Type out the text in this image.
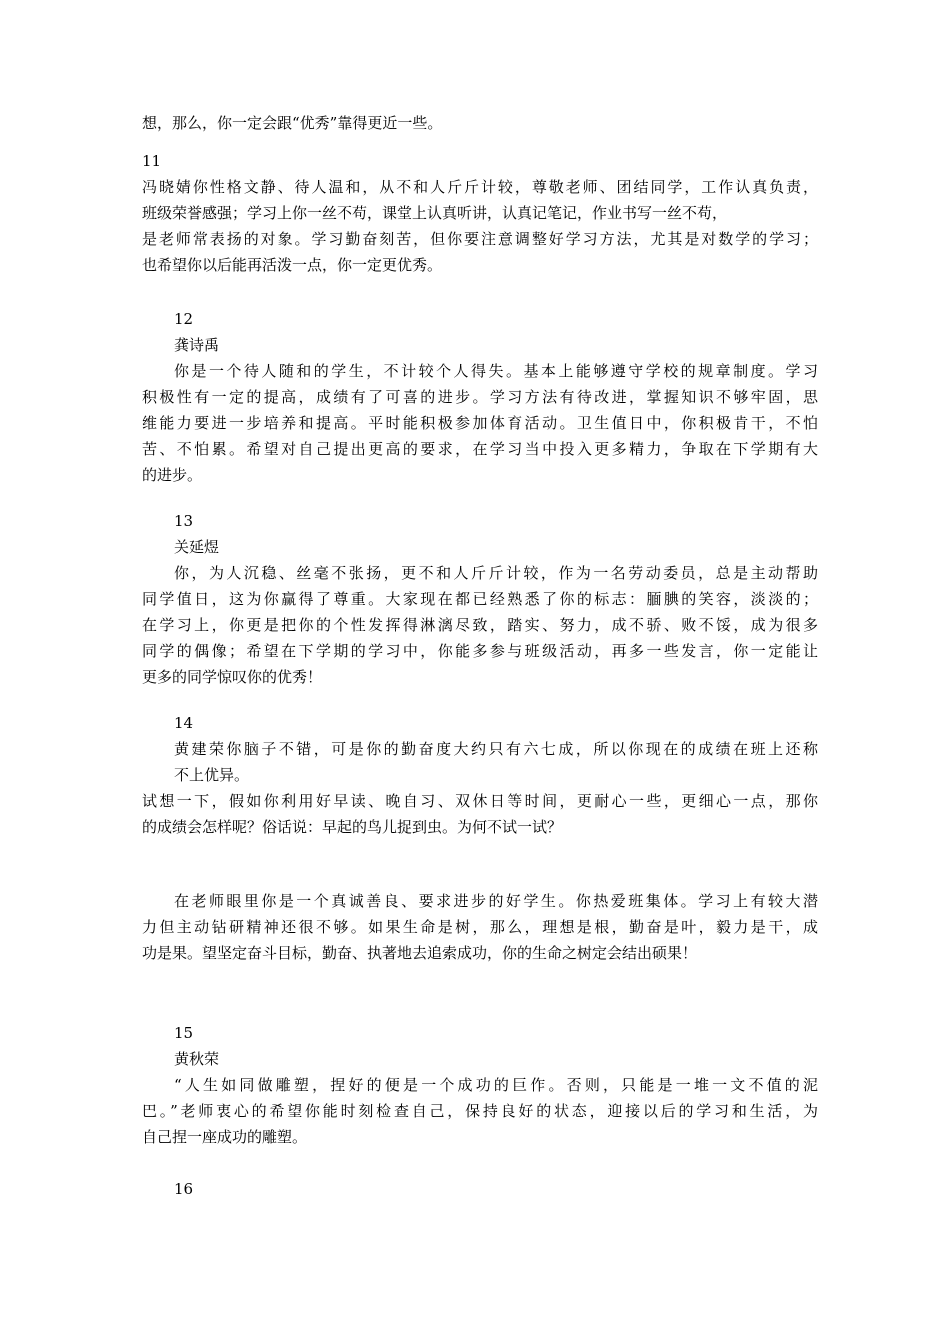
想，那么，你一定会跟“优秀”靠得更近一些。
11
冯晓婧你性格文静、待人温和，从不和人斤斤计较，尊敬老师、团结同学，工作认真负责，
班级荣誉感强；学习上你一丝不苟，课堂上认真听讲，认真记笔记，作业书写一丝不苟，
是老师常表扬的对象。学习勤奋刻苦，但你要注意调整好学习方法，尤其是对数学的学习；
也希望你以后能再活泼一点，你一定更优秀。
12
龚诗禹
你是一个待人随和的学生，不计较个人得失。基本上能够遵守学校的规章制度。学习
积极性有一定的提高，成绩有了可喜的进步。学习方法有待改进，掌握知识不够牢固，思
维能力要进一步培养和提高。平时能积极参加体育活动。卫生值日中，你积极肯干，不怕
苦、不怕累。希望对自己提出更高的要求，在学习当中投入更多精力，争取在下学期有大
的进步。
13
关延煜
你，为人沉稳、丝毫不张扬，更不和人斤斤计较，作为一名劳动委员，总是主动帮助
同学值日，这为你赢得了尊重。大家现在都已经熟悉了你的标志：腼腆的笑容，淡淡的；
在学习上，你更是把你的个性发挥得淋漓尽致，踏实、努力，成不骄、败不馁，成为很多
同学的偶像；希望在下学期的学习中，你能多参与班级活动，再多一些发言，你一定能让
更多的同学惊叹你的优秀！
14
黄建荣你脑子不错，可是你的勤奋度大约只有六七成，所以你现在的成绩在班上还称
不上优异。
试想一下，假如你利用好早读、晚自习、双休日等时间，更耐心一些，更细心一点，那你
的成绩会怎样呢？俗话说：早起的鸟儿捉到虫。为何不试一试？
在老师眼里你是一个真诚善良、要求进步的好学生。你热爱班集体。学习上有较大潜
力但主动钻研精神还很不够。如果生命是树，那么，理想是根，勤奋是叶，毅力是干，成
功是果。望坚定奋斗目标，勤奋、执著地去追索成功，你的生命之树定会结出硕果！
15
黄秋荣
“人生如同做雕塑，捏好的便是一个成功的巨作。否则，只能是一堆一文不值的泥
巴。”老师衷心的希望你能时刻检查自己，保持良好的状态，迎接以后的学习和生活，为
自己捏一座成功的雕塑。
16
